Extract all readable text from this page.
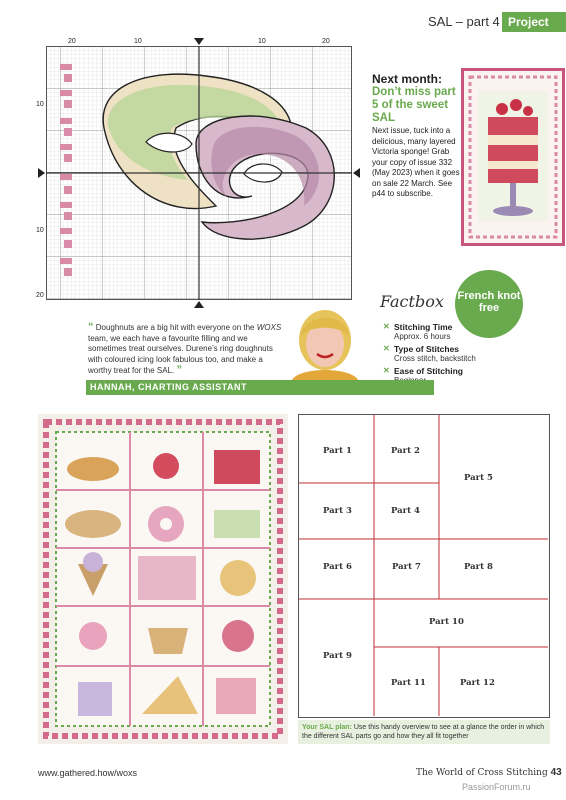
SAL – part 4 Project
20	10	10	20
10
10
20
Next month:
Don’t miss part 5 of the sweet SAL
Next issue, tuck into a delicious, many layered Victoria sponge! Grab your copy of issue 332 (May 2023) when it goes on sale 22 March. See p44 to subscribe.
French knot free
Factbox
✕ Stitching Time
Approx. 6 hours
✕ Type of Stitches
Cross stitch, backstitch
✕ Ease of Stitching
“ Doughnuts are a big hit with everyone on the WOXS team, we each have a favourite filling and we sometimes treat ourselves. Durene’s ring doughnuts with coloured icing look fabulous too, and make a worthy treat for the SAL. ”
HANNAH, CHARTING ASSISTANT
Part 1	Part 2
Part 3	Part 4
Part 5
Part 6	Part 7	Part 8
Part 9
Part 10
Part 11	Part 12
Your SAL plan: Use this handy overview to see at a glance the order in which the different SAL parts go and how they all fit together
www.gathered.how/woxs	The World of Cross Stitching 43
PassionForum.ru
